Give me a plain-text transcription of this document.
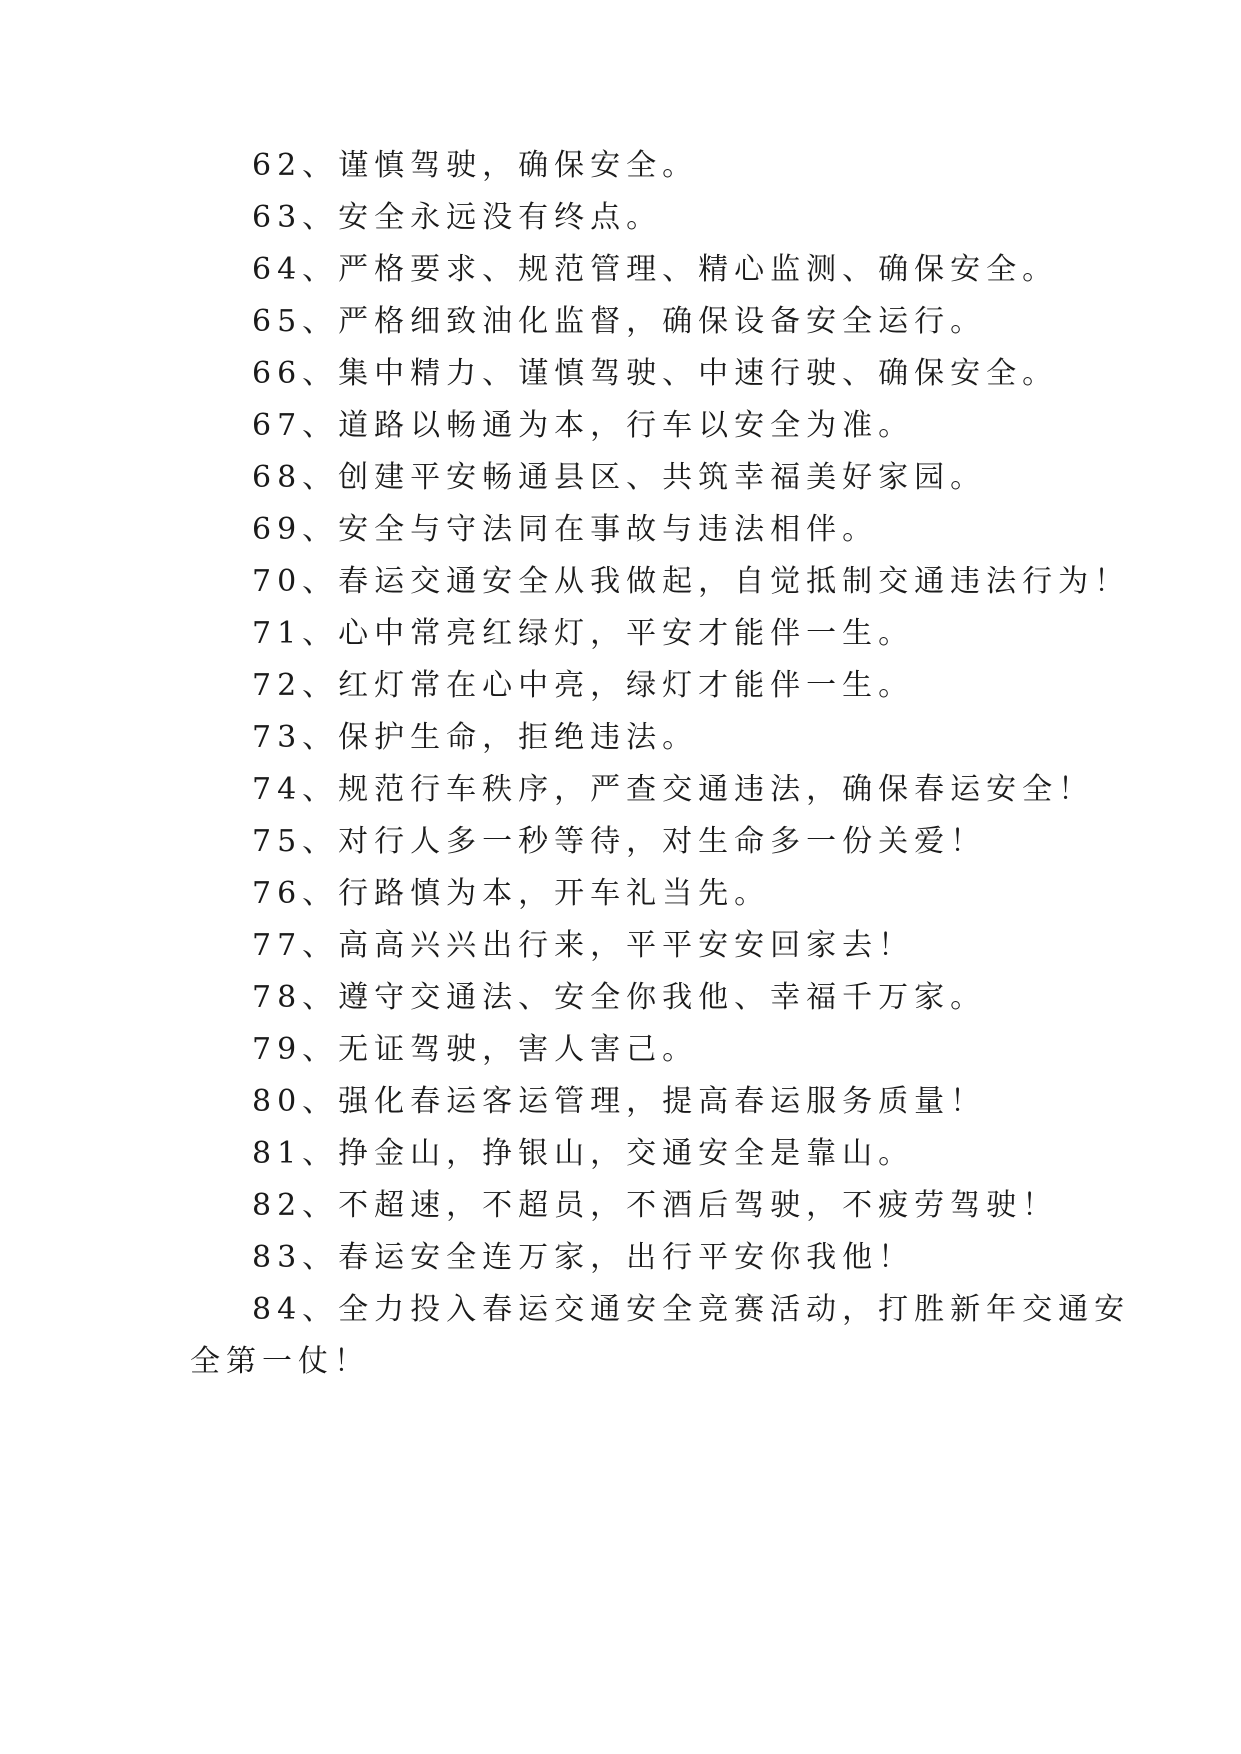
62、谨慎驾驶，确保安全。
63、安全永远没有终点。
64、严格要求、规范管理、精心监测、确保安全。
65、严格细致油化监督，确保设备安全运行。
66、集中精力、谨慎驾驶、中速行驶、确保安全。
67、道路以畅通为本，行车以安全为准。
68、创建平安畅通县区、共筑幸福美好家园。
69、安全与守法同在事故与违法相伴。
70、春运交通安全从我做起，自觉抵制交通违法行为！
71、心中常亮红绿灯，平安才能伴一生。
72、红灯常在心中亮，绿灯才能伴一生。
73、保护生命，拒绝违法。
74、规范行车秩序，严查交通违法，确保春运安全！
75、对行人多一秒等待，对生命多一份关爱！
76、行路慎为本，开车礼当先。
77、高高兴兴出行来，平平安安回家去！
78、遵守交通法、安全你我他、幸福千万家。
79、无证驾驶，害人害己。
80、强化春运客运管理，提高春运服务质量！
81、挣金山，挣银山，交通安全是靠山。
82、不超速，不超员，不酒后驾驶，不疲劳驾驶！
83、春运安全连万家，出行平安你我他！
84、全力投入春运交通安全竞赛活动，打胜新年交通安
全第一仗！
